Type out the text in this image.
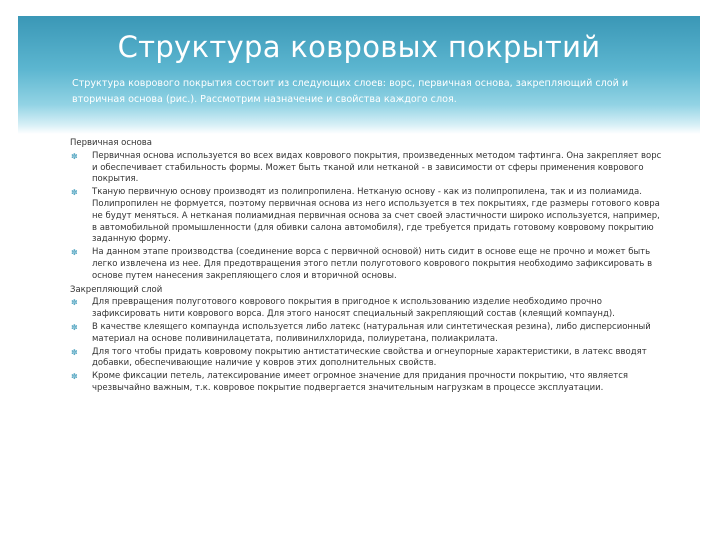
Структура ковровых покрытий
Структура коврового покрытия состоит из следующих слоев: ворс, первичная основа, закрепляющий слой и вторичная основа (рис.). Рассмотрим назначение и свойства каждого слоя.
Первичная основа
✽ Первичная основа используется во всех видах коврового покрытия, произведенных методом тафтинга. Она закрепляет ворс и обеспечивает стабильность формы. Может быть тканой или нетканой - в зависимости от сферы применения коврового покрытия.
✽ Тканую первичную основу производят из полипропилена. Нетканую основу - как из полипропилена, так и из полиамида. Полипропилен не формуется, поэтому первичная основа из него используется в тех покрытиях, где размеры готового ковра не будут меняться. А нетканая полиамидная первичная основа за счет своей эластичности широко используется, например, в автомобильной промышленности (для обивки салона автомобиля), где требуется придать готовому ковровому покрытию заданную форму.
✽ На данном этапе производства (соединение ворса с первичной основой) нить сидит в основе еще не прочно и может быть легко извлечена из нее. Для предотвращения этого петли полуготового коврового покрытия необходимо зафиксировать в основе путем нанесения закрепляющего слоя и вторичной основы.
Закрепляющий слой
✽ Для превращения полуготового коврового покрытия в пригодное к использованию изделие необходимо прочно зафиксировать нити коврового ворса. Для этого наносят специальный закрепляющий состав (клеящий компаунд).
✽ В качестве клеящего компаунда используется либо латекс (натуральная или синтетическая резина), либо дисперсионный материал на основе поливинилацетата, поливинилхлорида, полиуретана, полиакрилата.
✽ Для того чтобы придать ковровому покрытию антистатические свойства и огнеупорные характеристики, в латекс вводят добавки, обеспечивающие наличие у ковров этих дополнительных свойств.
✽ Кроме фиксации петель, латексирование имеет огромное значение для придания прочности покрытию, что является чрезвычайно важным, т.к. ковровое покрытие подвергается значительным нагрузкам в процессе эксплуатации.
